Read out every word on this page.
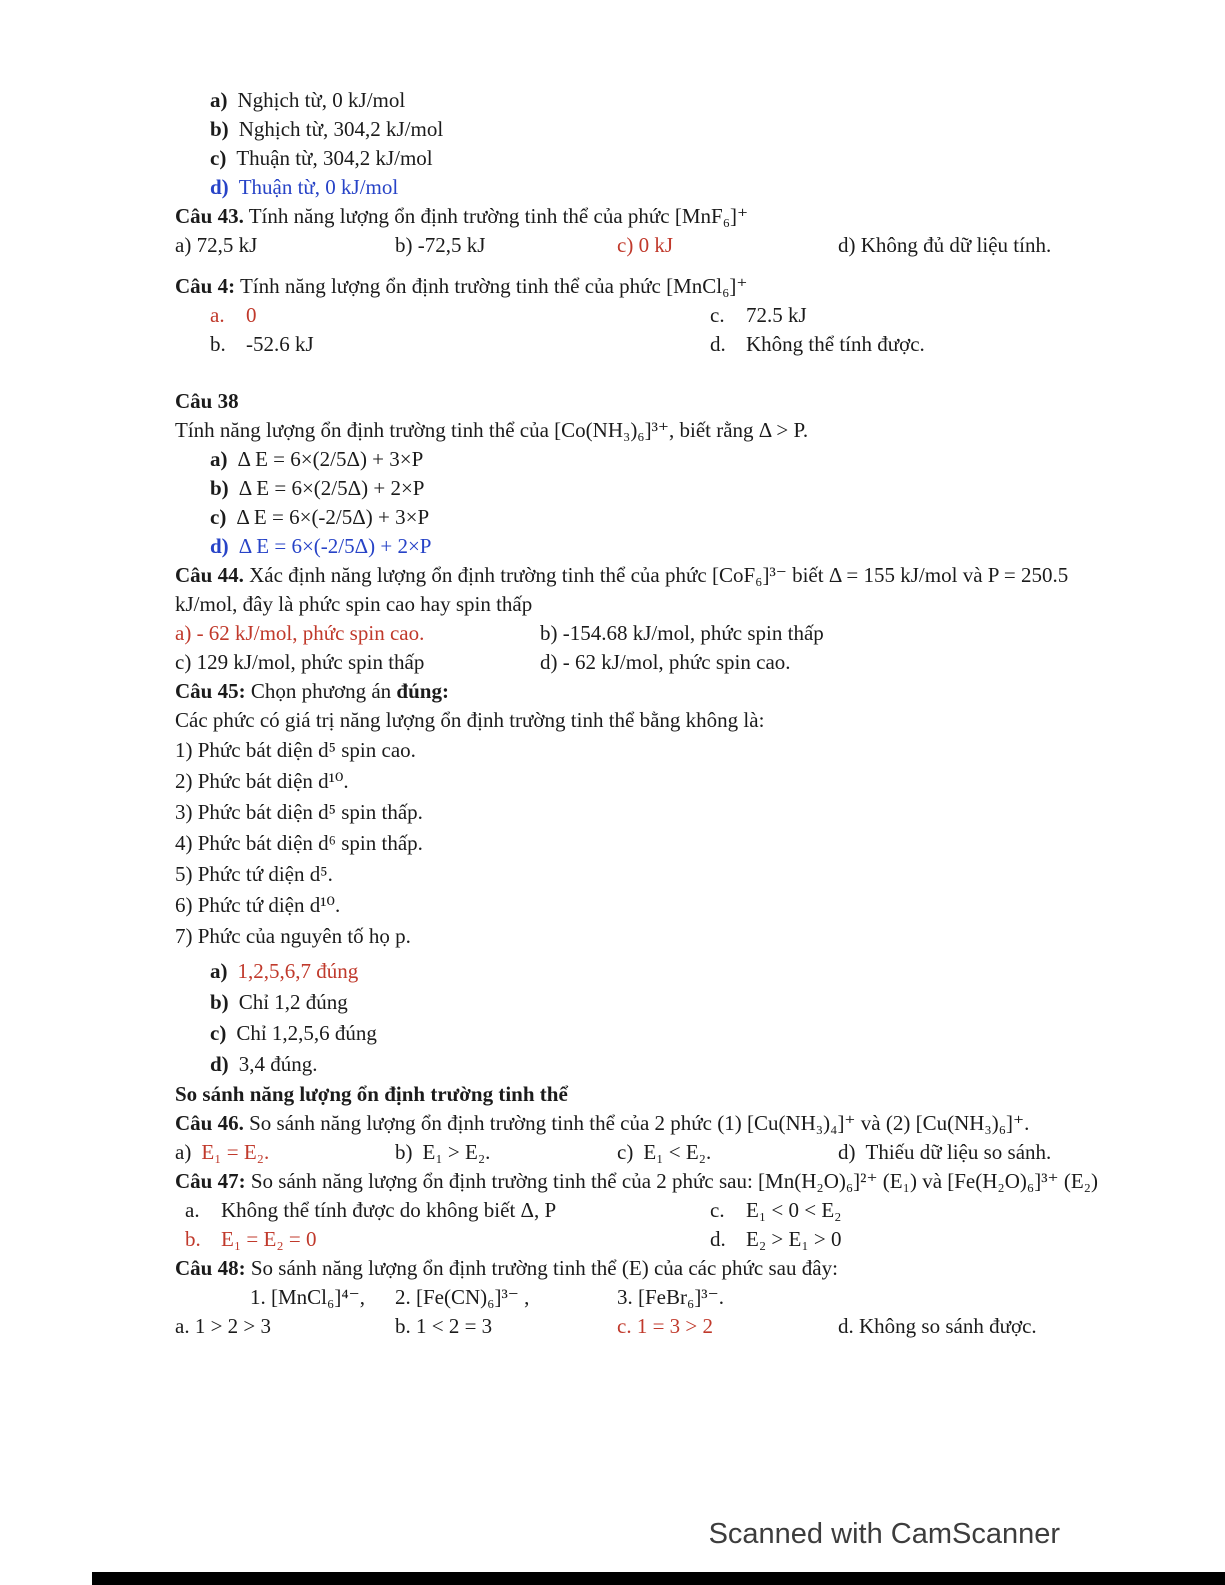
a) Nghịch từ, 0 kJ/mol
b) Nghịch từ, 304,2 kJ/mol
c) Thuận từ, 304,2 kJ/mol
d) Thuận từ, 0 kJ/mol
Câu 43. Tính năng lượng ổn định trường tinh thể của phức [MnF₆]⁺
a) 72,5 kJ	b) -72,5 kJ	c) 0 kJ	d) Không đủ dữ liệu tính.
Câu 4: Tính năng lượng ổn định trường tinh thể của phức [MnCl₆]⁺
a. 0	c. 72.5 kJ
b. -52.6 kJ	d. Không thể tính được.
Câu 38
Tính năng lượng ổn định trường tinh thể của [Co(NH₃)₆]³⁺, biết rằng Δ > P.
a) Δ E = 6×(2/5Δ) + 3×P
b) Δ E = 6×(2/5Δ) + 2×P
c) Δ E = 6×(-2/5Δ) + 3×P
d) Δ E = 6×(-2/5Δ) + 2×P
Câu 44. Xác định năng lượng ổn định trường tinh thể của phức [CoF₆]³⁻ biết Δ = 155 kJ/mol và P = 250.5 kJ/mol, đây là phức spin cao hay spin thấp
a) - 62 kJ/mol, phức spin cao.	b) -154.68 kJ/mol, phức spin thấp
c) 129 kJ/mol, phức spin thấp	d) - 62 kJ/mol, phức spin cao.
Câu 45: Chọn phương án đúng:
Các phức có giá trị năng lượng ổn định trường tinh thể bằng không là:
1) Phức bát diện d⁵ spin cao.
2) Phức bát diện d¹⁰.
3) Phức bát diện d⁵ spin thấp.
4) Phức bát diện d⁶ spin thấp.
5) Phức tứ diện d⁵.
6) Phức tứ diện d¹⁰.
7) Phức của nguyên tố họ p.
a) 1,2,5,6,7 đúng
b) Chỉ 1,2 đúng
c) Chỉ 1,2,5,6 đúng
d) 3,4 đúng.
So sánh năng lượng ổn định trường tinh thể
Câu 46. So sánh năng lượng ổn định trường tinh thể của 2 phức (1) [Cu(NH₃)₄]⁺ và (2) [Cu(NH₃)₆]⁺.
a) E₁ = E₂.	b) E₁ > E₂.	c) E₁ < E₂.	d) Thiếu dữ liệu so sánh.
Câu 47: So sánh năng lượng ổn định trường tinh thể của 2 phức sau: [Mn(H₂O)₆]²⁺ (E₁) và [Fe(H₂O)₆]³⁺ (E₂)
a. Không thể tính được do không biết Δ, P	c. E₁ < 0 < E₂
b. E₁ = E₂ = 0	d. E₂ > E₁ > 0
Câu 48: So sánh năng lượng ổn định trường tinh thể (E) của các phức sau đây:
1. [MnCl₆]⁴⁻,	2. [Fe(CN)₆]³⁻ ,	3. [FeBr₆]³⁻.
a. 1 > 2 > 3	b. 1 < 2 = 3	c. 1 = 3 > 2	d. Không so sánh được.
Scanned with CamScanner
